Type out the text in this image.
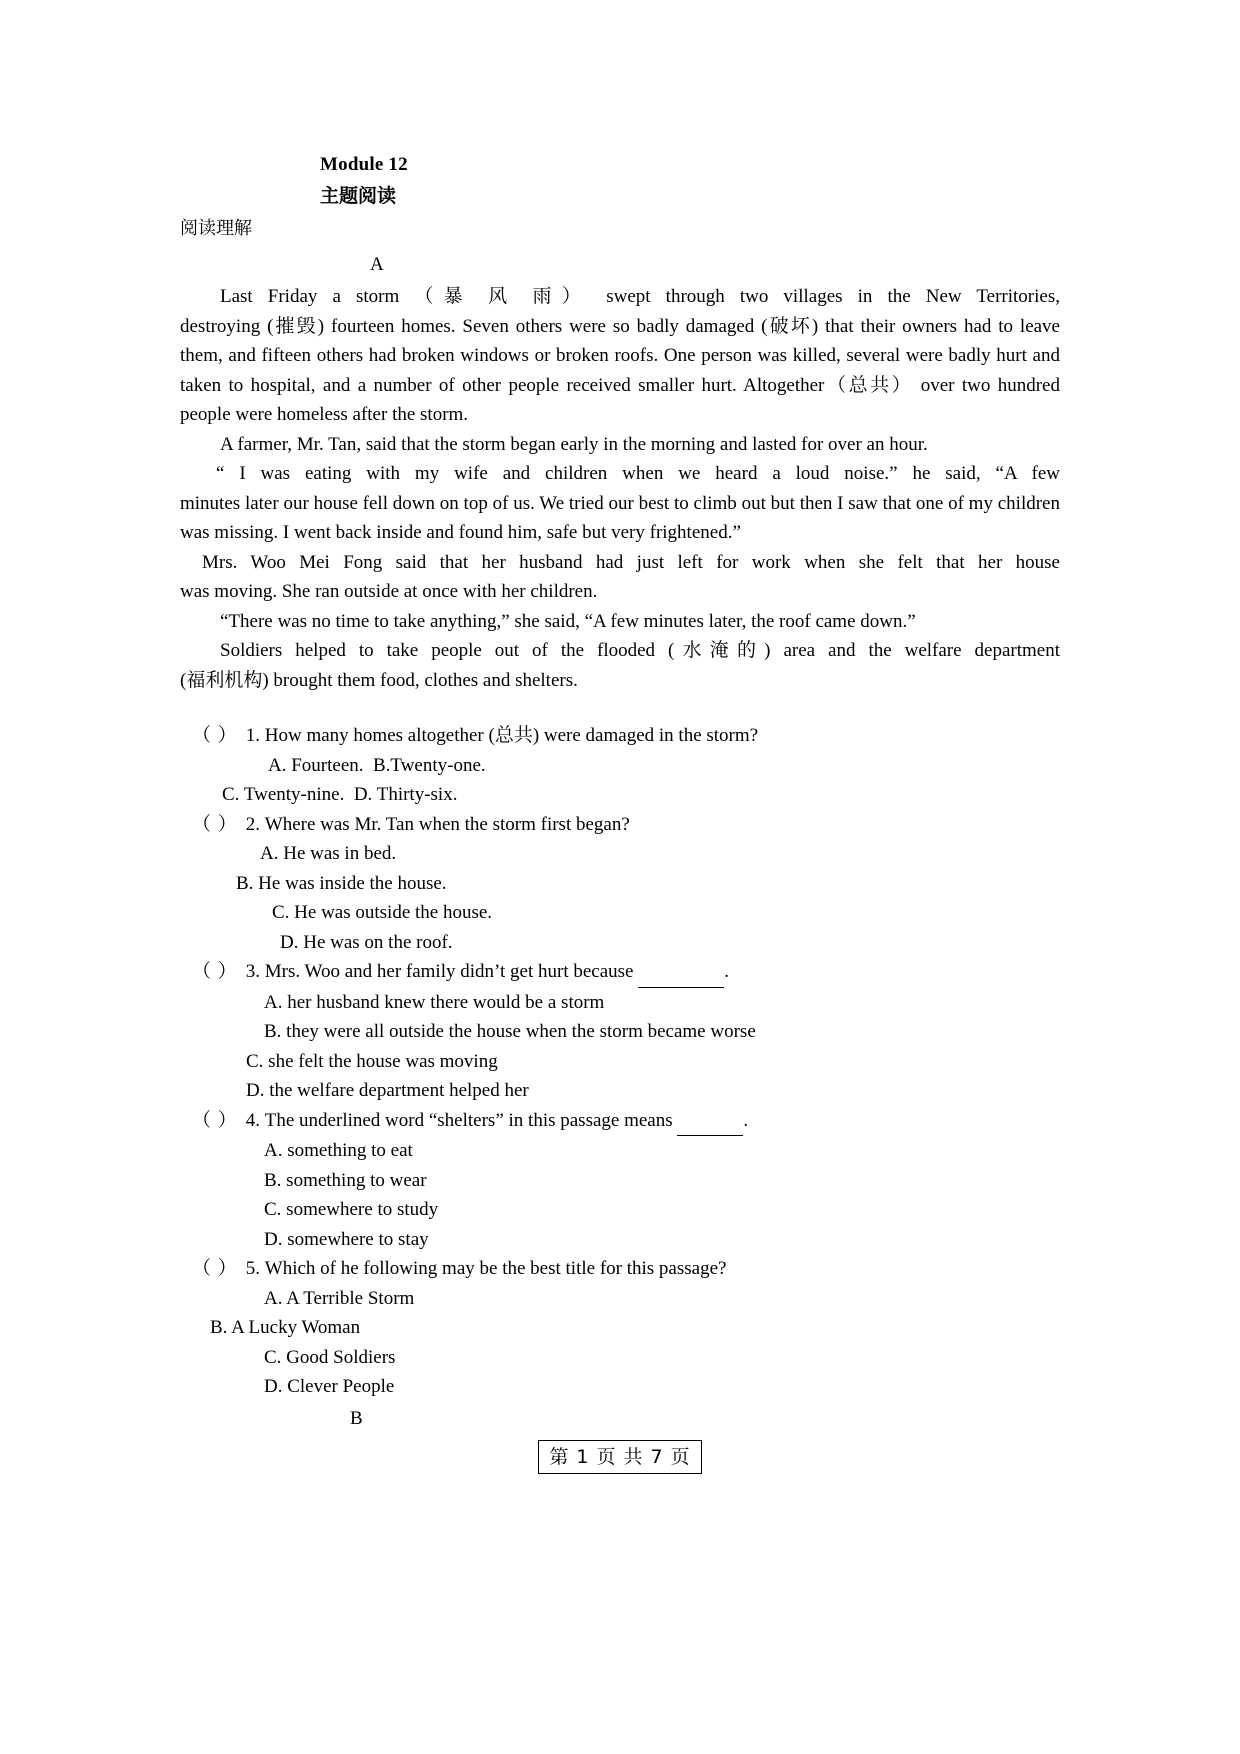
Module 12
主题阅读
阅读理解
A

Last Friday a storm （暴 风 雨） swept through two villages in the New Territories,

destroying (摧毁) fourteen homes. Seven others were so badly damaged (破坏) that their owners had to leave them, and fifteen others had broken windows or broken roofs. One person was killed, several were badly hurt and taken to hospital, and a number of other people received smaller hurt. Altogether（总共） over two hundred people were homeless after the storm.

A farmer, Mr. Tan, said that the storm began early in the morning and lasted for over an hour.

“ I was eating with my wife and children when we heard a loud noise.” he said, “A few

minutes later our house fell down on top of us. We tried our best to climb out but then I saw that one of my children was missing. I went back inside and found him, safe but very frightened.”

Mrs. Woo Mei Fong said that her husband had just left for work when she felt that her house

was moving. She ran outside at once with her children.

“There was no time to take anything,” she said, “A few minutes later, the roof came down.”

Soldiers helped to take people out of the flooded (水淹的) area and the welfare department

(福利机构) brought them food, clothes and shelters.

（ ） 1. How many homes altogether (总共) were damaged in the storm?

A. Fourteen.  B.Twenty-one.

C. Twenty-nine.  D. Thirty-six.

（ ） 2. Where was Mr. Tan when the storm first began?

A. He was in bed.

B. He was inside the house.

C. He was outside the house.

D. He was on the roof.

（ ） 3. Mrs. Woo and her family didn’t get hurt because	.

A. her husband knew there would be a storm

B. they were all outside the house when the storm became worse

C. she felt the house was moving

D. the welfare department helped her

（ ） 4. The underlined word “shelters” in this passage means	.

A. something to eat

B. something to wear

C. somewhere to study

D. somewhere to stay

（ ） 5. Which of he following may be the best title for this passage?

A. A Terrible Storm

B. A Lucky Woman

C. Good Soldiers

D. Clever People

B
第 1 页 共 7 页
